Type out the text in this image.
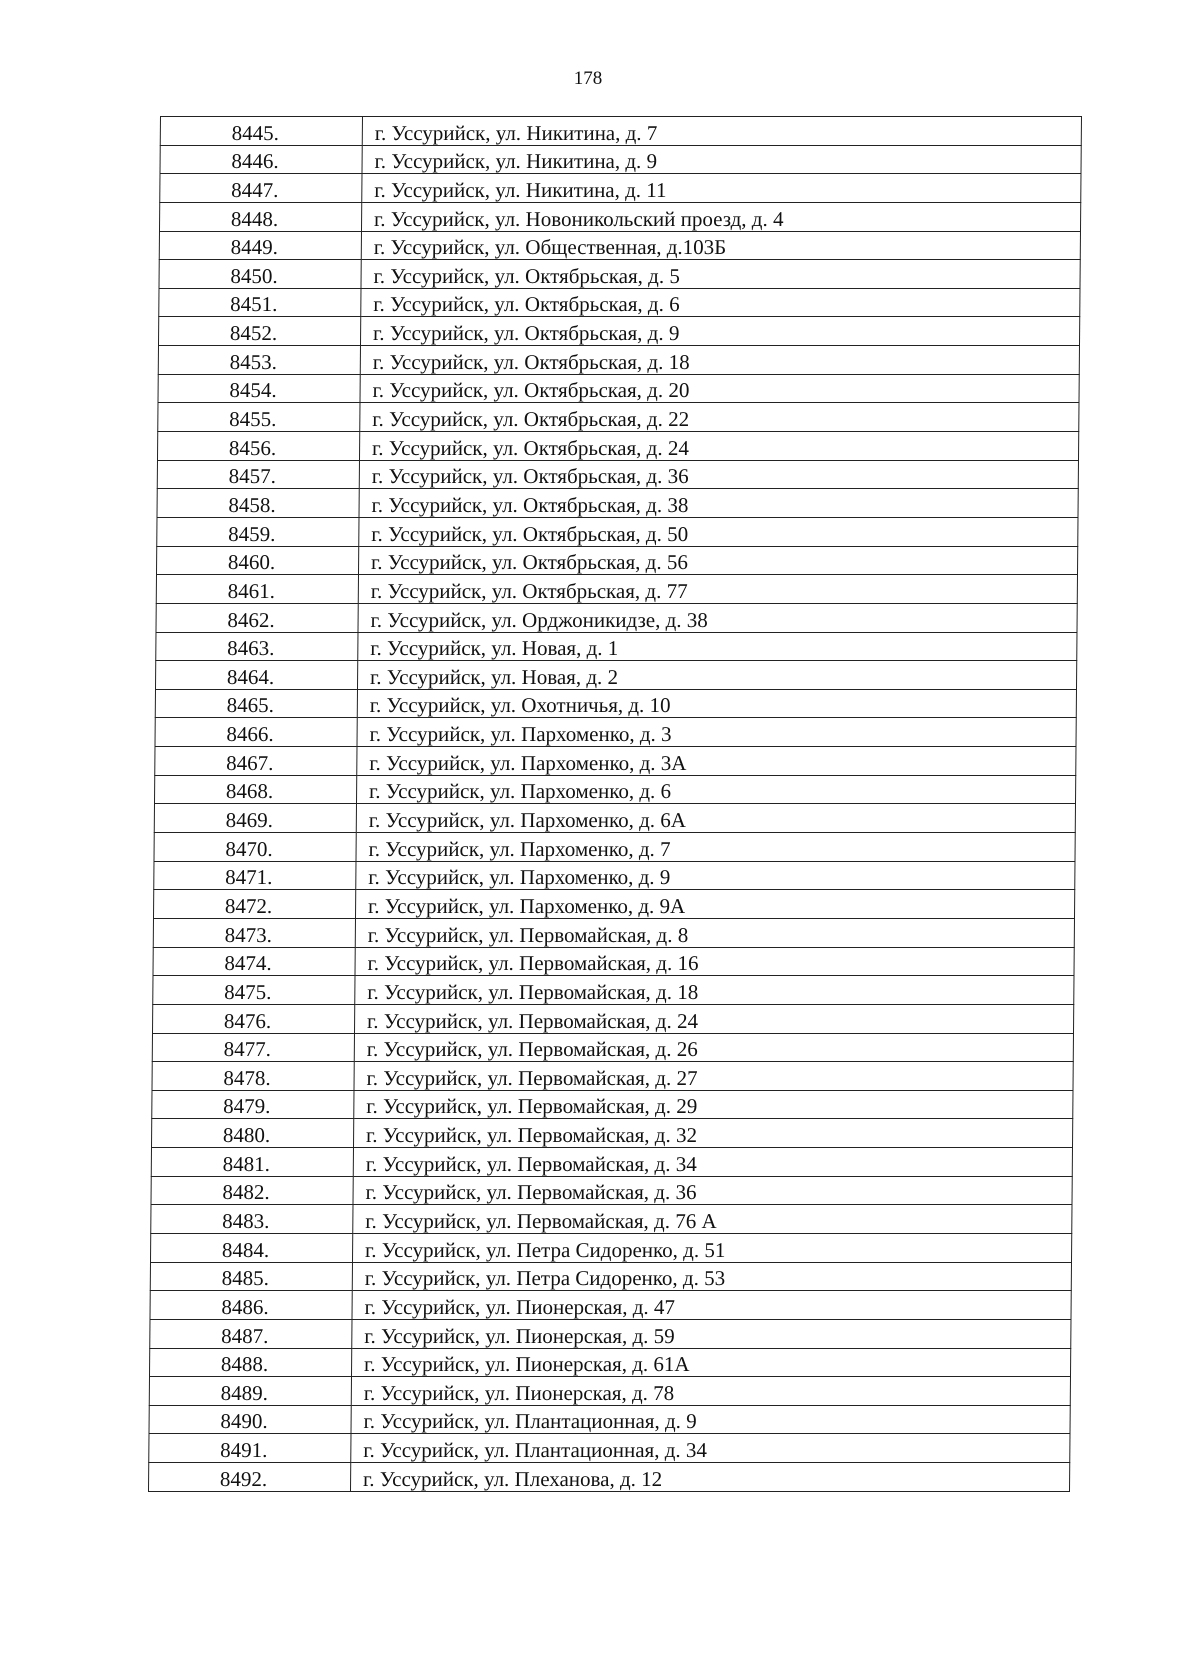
178
8445.	г. Уссурийск, ул. Никитина, д. 7
8446.	г. Уссурийск, ул. Никитина, д. 9
8447.	г. Уссурийск, ул. Никитина, д. 11
8448.	г. Уссурийск, ул. Новоникольский проезд, д. 4
8449.	г. Уссурийск, ул. Общественная, д.103Б
8450.	г. Уссурийск, ул. Октябрьская, д. 5
8451.	г. Уссурийск, ул. Октябрьская, д. 6
8452.	г. Уссурийск, ул. Октябрьская, д. 9
8453.	г. Уссурийск, ул. Октябрьская, д. 18
8454.	г. Уссурийск, ул. Октябрьская, д. 20
8455.	г. Уссурийск, ул. Октябрьская, д. 22
8456.	г. Уссурийск, ул. Октябрьская, д. 24
8457.	г. Уссурийск, ул. Октябрьская, д. 36
8458.	г. Уссурийск, ул. Октябрьская, д. 38
8459.	г. Уссурийск, ул. Октябрьская, д. 50
8460.	г. Уссурийск, ул. Октябрьская, д. 56
8461.	г. Уссурийск, ул. Октябрьская, д. 77
8462.	г. Уссурийск, ул. Орджоникидзе, д. 38
8463.	г. Уссурийск, ул. Новая, д. 1
8464.	г. Уссурийск, ул. Новая, д. 2
8465.	г. Уссурийск, ул. Охотничья, д. 10
8466.	г. Уссурийск, ул. Пархоменко, д. 3
8467.	г. Уссурийск, ул. Пархоменко, д. 3А
8468.	г. Уссурийск, ул. Пархоменко, д. 6
8469.	г. Уссурийск, ул. Пархоменко, д. 6А
8470.	г. Уссурийск, ул. Пархоменко, д. 7
8471.	г. Уссурийск, ул. Пархоменко, д. 9
8472.	г. Уссурийск, ул. Пархоменко, д. 9А
8473.	г. Уссурийск, ул. Первомайская, д. 8
8474.	г. Уссурийск, ул. Первомайская, д. 16
8475.	г. Уссурийск, ул. Первомайская, д. 18
8476.	г. Уссурийск, ул. Первомайская, д. 24
8477.	г. Уссурийск, ул. Первомайская, д. 26
8478.	г. Уссурийск, ул. Первомайская, д. 27
8479.	г. Уссурийск, ул. Первомайская, д. 29
8480.	г. Уссурийск, ул. Первомайская, д. 32
8481.	г. Уссурийск, ул. Первомайская, д. 34
8482.	г. Уссурийск, ул. Первомайская, д. 36
8483.	г. Уссурийск, ул. Первомайская, д. 76 А
8484.	г. Уссурийск, ул. Петра Сидоренко, д. 51
8485.	г. Уссурийск, ул. Петра Сидоренко, д. 53
8486.	г. Уссурийск, ул. Пионерская, д. 47
8487.	г. Уссурийск, ул. Пионерская, д. 59
8488.	г. Уссурийск, ул. Пионерская, д. 61А
8489.	г. Уссурийск, ул. Пионерская, д. 78
8490.	г. Уссурийск, ул. Плантационная, д. 9
8491.	г. Уссурийск, ул. Плантационная, д. 34
8492.	г. Уссурийск, ул. Плеханова, д. 12
